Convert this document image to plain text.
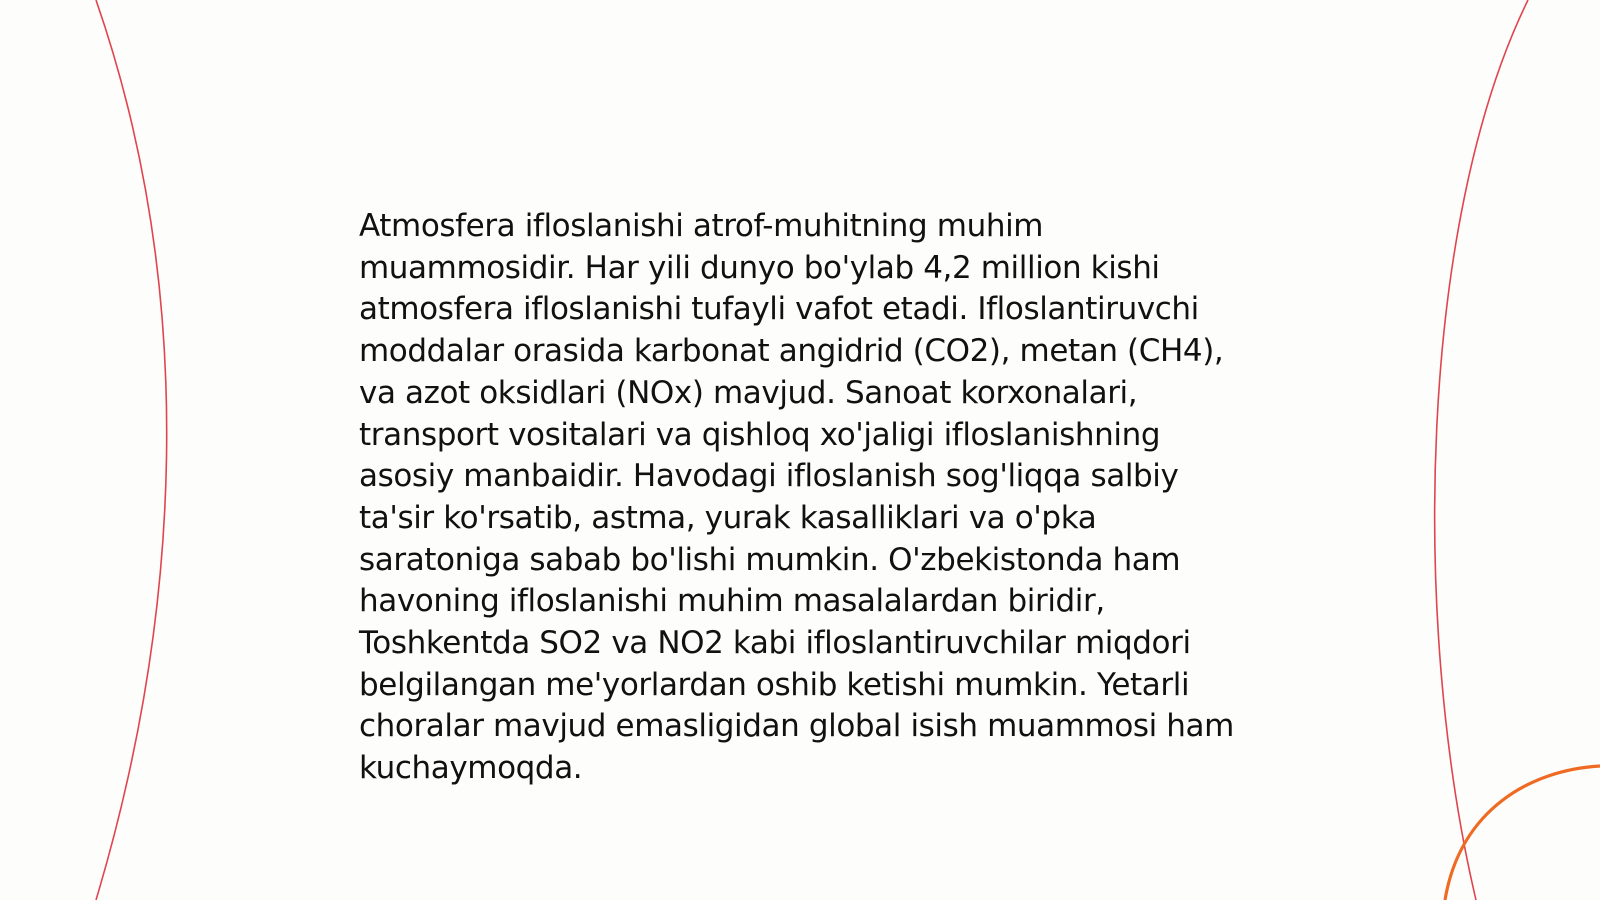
Atmosfera ifloslanishi atrof-muhitning muhim muammosidir. Har yili dunyo bo'ylab 4,2 million kishi atmosfera ifloslanishi tufayli vafot etadi. Ifloslantiruvchi moddalar orasida karbonat angidrid (CO2), metan (CH4), va azot oksidlari (NOx) mavjud. Sanoat korxonalari, transport vositalari va qishloq xo'jaligi ifloslanishning asosiy manbaidir. Havodagi ifloslanish sog'liqqa salbiy ta'sir ko'rsatib, astma, yurak kasalliklari va o'pka saratoniga sabab bo'lishi mumkin. O'zbekistonda ham havoning ifloslanishi muhim masalalardan biridir, Toshkentda SO2 va NO2 kabi ifloslantiruvchilar miqdori belgilangan me'yorlardan oshib ketishi mumkin. Yetarli choralar mavjud emasligidan global isish muammosi ham kuchaymoqda.
